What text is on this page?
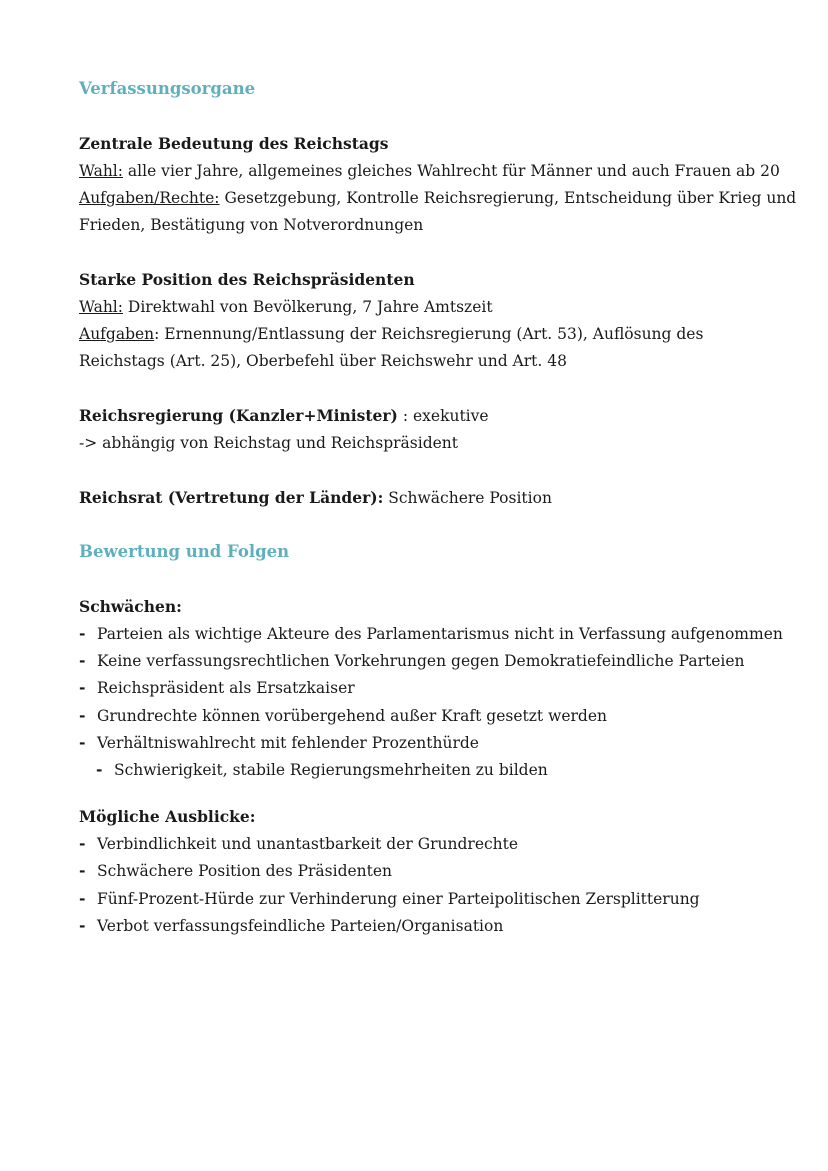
Verfassungsorgane
Zentrale Bedeutung des Reichstags
Wahl: alle vier Jahre, allgemeines gleiches Wahlrecht für Männer und auch Frauen ab 20
Aufgaben/Rechte: Gesetzgebung, Kontrolle Reichsregierung, Entscheidung über Krieg und
Frieden, Bestätigung von Notverordnungen
Starke Position des Reichspräsidenten
Wahl: Direktwahl von Bevölkerung, 7 Jahre Amtszeit
Aufgaben: Ernennung/Entlassung der Reichsregierung (Art. 53), Auflösung des
Reichstags (Art. 25), Oberbefehl über Reichswehr und Art. 48
Reichsregierung (Kanzler+Minister) : exekutive
-> abhängig von Reichstag und Reichspräsident
Reichsrat (Vertretung der Länder): Schwächere Position
Bewertung und Folgen
Schwächen:
- Parteien als wichtige Akteure des Parlamentarismus nicht in Verfassung aufgenommen
- Keine verfassungsrechtlichen Vorkehrungen gegen Demokratiefeindliche Parteien
- Reichspräsident als Ersatzkaiser
- Grundrechte können vorübergehend außer Kraft gesetzt werden
- Verhältniswahlrecht mit fehlender Prozenthürde
- Schwierigkeit, stabile Regierungsmehrheiten zu bilden
Mögliche Ausblicke:
- Verbindlichkeit und unantastbarkeit der Grundrechte
- Schwächere Position des Präsidenten
- Fünf-Prozent-Hürde zur Verhinderung einer Parteipolitischen Zersplitterung
- Verbot verfassungsfeindliche Parteien/Organisation
